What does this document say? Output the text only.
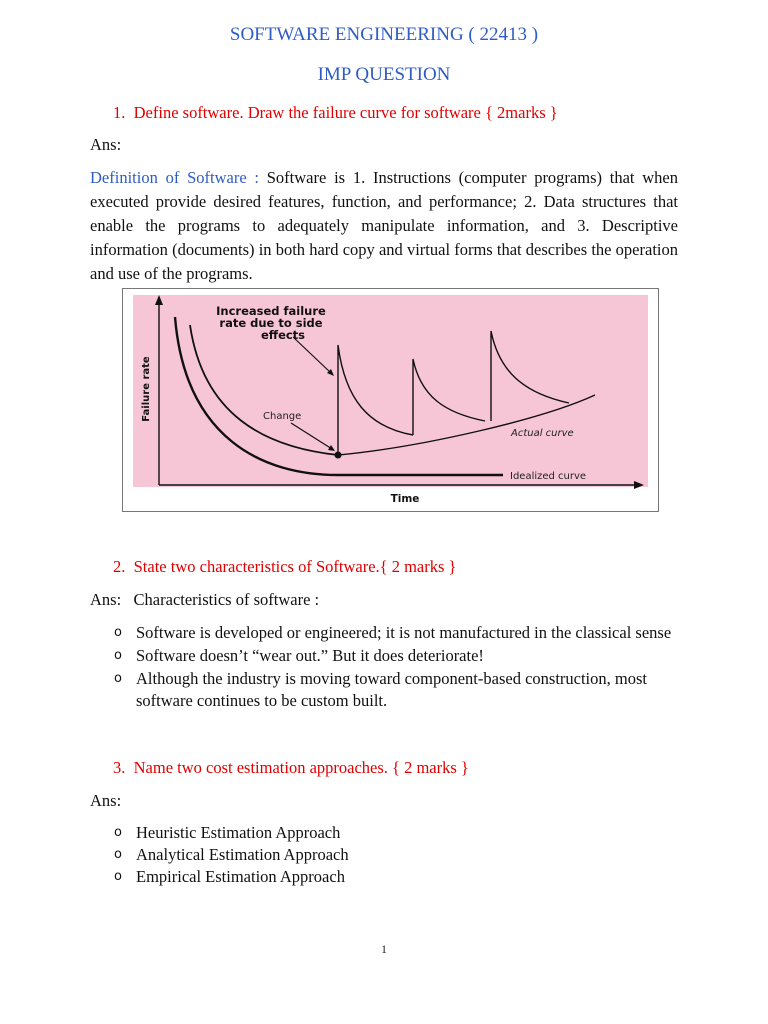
SOFTWARE ENGINEERING ( 22413 )
IMP QUESTION
1. Define software. Draw the failure curve for software { 2marks }
Ans:
Definition of Software : Software is 1. Instructions (computer programs) that when executed provide desired features, function, and performance; 2. Data structures that enable the programs to adequately manipulate information, and 3. Descriptive information (documents) in both hard copy and virtual forms that describes the operation and use of the programs.
Increased failure
rate due to side
effects
Change
Actual curve
Idealized curve
Time
Failure rate
2. State two characteristics of Software.{ 2 marks }
Ans: Characteristics of software :
o Software is developed or engineered; it is not manufactured in the classical sense
o Software doesn’t “wear out.” But it does deteriorate!
o Although the industry is moving toward component-based construction, most software continues to be custom built.
3. Name two cost estimation approaches. { 2 marks }
Ans:
o Heuristic Estimation Approach
o Analytical Estimation Approach
o Empirical Estimation Approach
1
